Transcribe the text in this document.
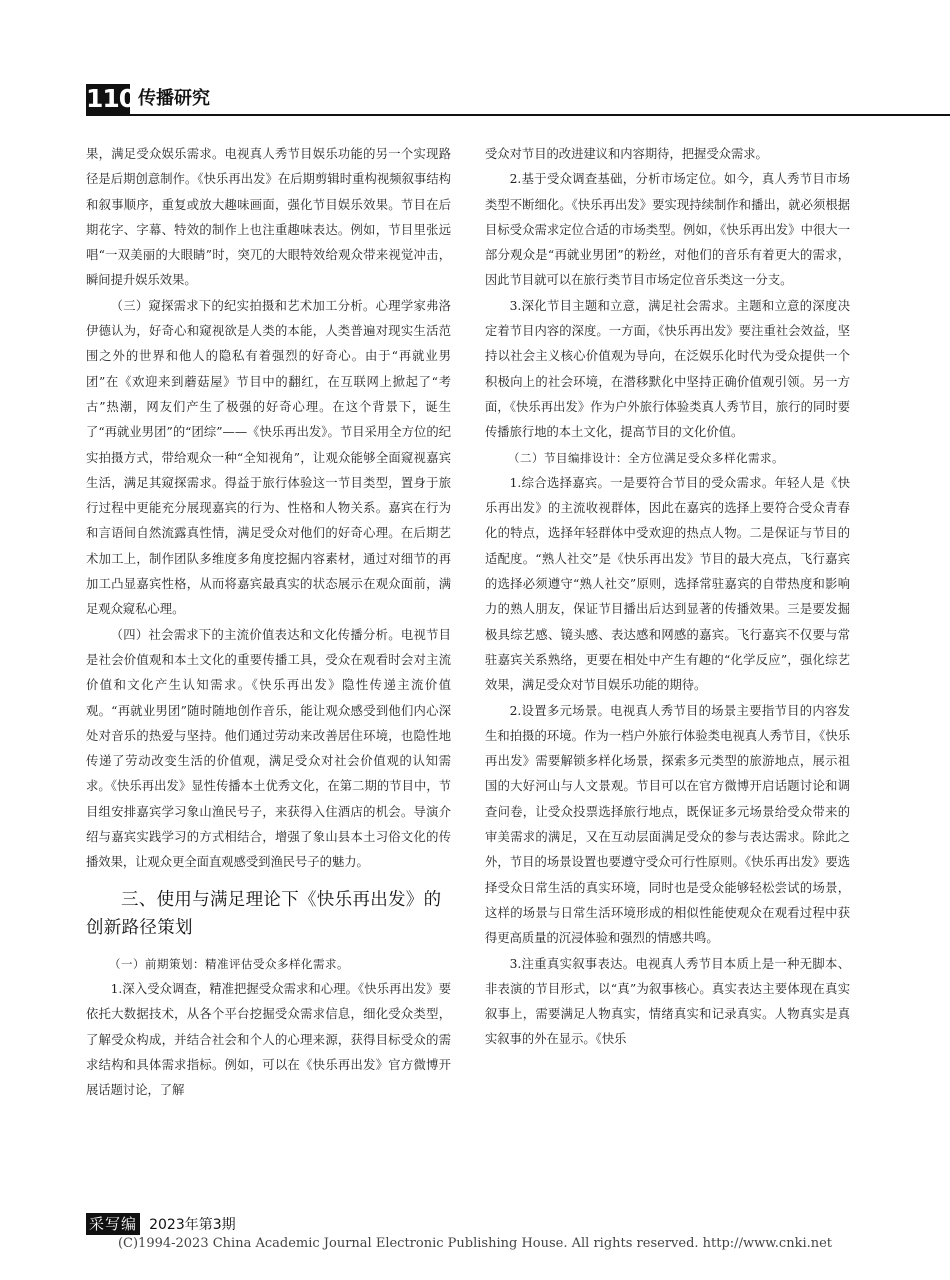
110 传播研究

果，满足受众娱乐需求。电视真人秀节目娱乐功能的另一个实现路径是后期创意制作。《快乐再出发》在后期剪辑时重构视频叙事结构和叙事顺序，重复或放大趣味画面，强化节目娱乐效果。节目在后期花字、字幕、特效的制作上也注重趣味表达。例如，节目里张远唱“一双美丽的大眼睛”时，突兀的大眼特效给观众带来视觉冲击，瞬间提升娱乐效果。

（三）窥探需求下的纪实拍摄和艺术加工分析。心理学家弗洛伊德认为，好奇心和窥视欲是人类的本能，人类普遍对现实生活范围之外的世界和他人的隐私有着强烈的好奇心。由于“再就业男团”在《欢迎来到蘑菇屋》节目中的翻红，在互联网上掀起了“考古”热潮，网友们产生了极强的好奇心理。在这个背景下，诞生了“再就业男团”的“团综”——《快乐再出发》。节目采用全方位的纪实拍摄方式，带给观众一种“全知视角”，让观众能够全面窥视嘉宾生活，满足其窥探需求。得益于旅行体验这一节目类型，置身于旅行过程中更能充分展现嘉宾的行为、性格和人物关系。嘉宾在行为和言语间自然流露真性情，满足受众对他们的好奇心理。在后期艺术加工上，制作团队多维度多角度挖掘内容素材，通过对细节的再加工凸显嘉宾性格，从而将嘉宾最真实的状态展示在观众面前，满足观众窥私心理。

（四）社会需求下的主流价值表达和文化传播分析。电视节目是社会价值观和本土文化的重要传播工具，受众在观看时会对主流价值和文化产生认知需求。《快乐再出发》隐性传递主流价值观。“再就业男团”随时随地创作音乐，能让观众感受到他们内心深处对音乐的热爱与坚持。他们通过劳动来改善居住环境，也隐性地传递了劳动改变生活的价值观，满足受众对社会价值观的认知需求。《快乐再出发》显性传播本土优秀文化，在第二期的节目中，节目组安排嘉宾学习象山渔民号子，来获得入住酒店的机会。导演介绍与嘉宾实践学习的方式相结合，增强了象山县本土习俗文化的传播效果，让观众更全面直观感受到渔民号子的魅力。

三、使用与满足理论下《快乐再出发》的创新路径策划

（一）前期策划：精准评估受众多样化需求。

1.深入受众调查，精准把握受众需求和心理。《快乐再出发》要依托大数据技术，从各个平台挖掘受众需求信息，细化受众类型，了解受众构成，并结合社会和个人的心理来源，获得目标受众的需求结构和具体需求指标。例如，可以在《快乐再出发》官方微博开展话题讨论，了解

受众对节目的改进建议和内容期待，把握受众需求。

2.基于受众调查基础，分析市场定位。如今，真人秀节目市场类型不断细化。《快乐再出发》要实现持续制作和播出，就必须根据目标受众需求定位合适的市场类型。例如，《快乐再出发》中很大一部分观众是“再就业男团”的粉丝，对他们的音乐有着更大的需求，因此节目就可以在旅行类节目市场定位音乐类这一分支。

3.深化节目主题和立意，满足社会需求。主题和立意的深度决定着节目内容的深度。一方面，《快乐再出发》要注重社会效益，坚持以社会主义核心价值观为导向，在泛娱乐化时代为受众提供一个积极向上的社会环境，在潜移默化中坚持正确价值观引领。另一方面，《快乐再出发》作为户外旅行体验类真人秀节目，旅行的同时要传播旅行地的本土文化，提高节目的文化价值。

（二）节目编排设计：全方位满足受众多样化需求。

1.综合选择嘉宾。一是要符合节目的受众需求。年轻人是《快乐再出发》的主流收视群体，因此在嘉宾的选择上要符合受众青春化的特点，选择年轻群体中受欢迎的热点人物。二是保证与节目的适配度。“熟人社交”是《快乐再出发》节目的最大亮点，飞行嘉宾的选择必须遵守“熟人社交”原则，选择常驻嘉宾的自带热度和影响力的熟人朋友，保证节目播出后达到显著的传播效果。三是要发掘极具综艺感、镜头感、表达感和网感的嘉宾。飞行嘉宾不仅要与常驻嘉宾关系熟络，更要在相处中产生有趣的“化学反应”，强化综艺效果，满足受众对节目娱乐功能的期待。

2.设置多元场景。电视真人秀节目的场景主要指节目的内容发生和拍摄的环境。作为一档户外旅行体验类电视真人秀节目，《快乐再出发》需要解锁多样化场景，探索多元类型的旅游地点，展示祖国的大好河山与人文景观。节目可以在官方微博开启话题讨论和调查问卷，让受众投票选择旅行地点，既保证多元场景给受众带来的审美需求的满足，又在互动层面满足受众的参与表达需求。除此之外，节目的场景设置也要遵守受众可行性原则。《快乐再出发》要选择受众日常生活的真实环境，同时也是受众能够轻松尝试的场景，这样的场景与日常生活环境形成的相似性能使观众在观看过程中获得更高质量的沉浸体验和强烈的情感共鸣。

3.注重真实叙事表达。电视真人秀节目本质上是一种无脚本、非表演的节目形式，以“真”为叙事核心。真实表达主要体现在真实叙事上，需要满足人物真实，情绪真实和记录真实。人物真实是真实叙事的外在显示。《快乐

采写编 2023年第3期
(C)1994-2023 China Academic Journal Electronic Publishing House. All rights reserved. http://www.cnki.net
